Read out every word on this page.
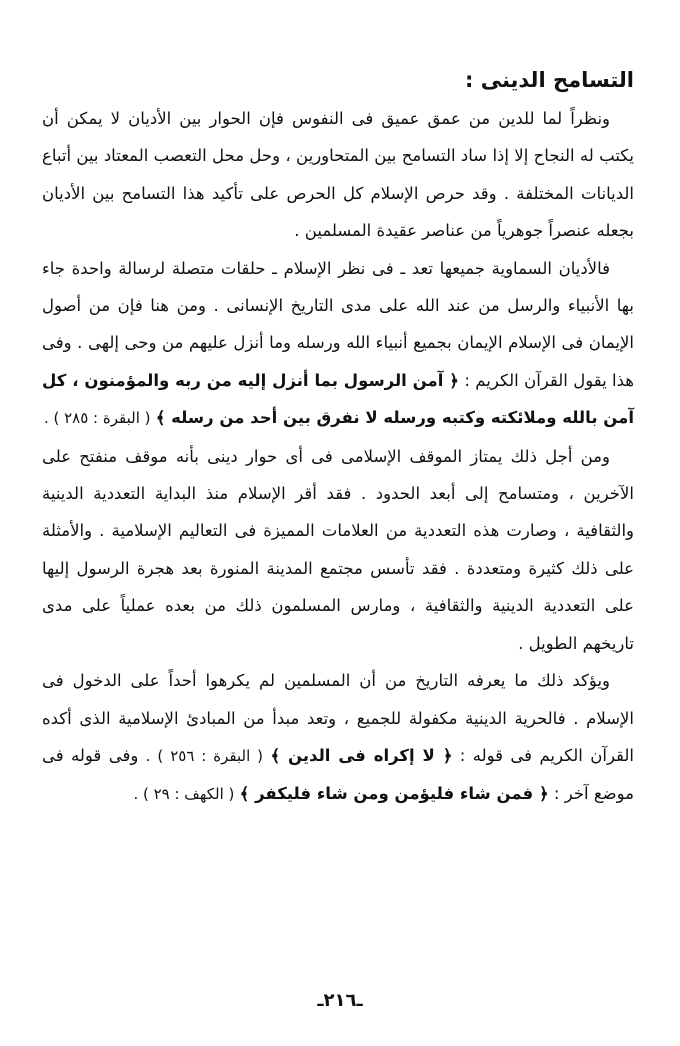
التسامح الدينى :

ونظراً لما للدين من عمق عميق فى النفوس فإن الحوار بين الأديان لا يمكن أن يكتب له النجاح إلا إذا ساد التسامح بين المتحاورين ، وحل محل التعصب المعتاد بين أتباع الديانات المختلفة . وقد حرص الإسلام كل الحرص على تأكيد هذا التسامح بين الأديان بجعله عنصراً جوهرياً من عناصر عقيدة المسلمين .

فالأديان السماوية جميعها تعد ـ فى نظر الإسلام ـ حلقات متصلة لرسالة واحدة جاء بها الأنبياء والرسل من عند الله على مدى التاريخ الإنسانى . ومن هنا فإن من أصول الإيمان فى الإسلام الإيمان بجميع أنبياء الله ورسله وما أنزل عليهم من وحى إلهى . وفى هذا يقول القرآن الكريم : ﴿ آمن الرسول بما أنزل إليه من ربه والمؤمنون ، كل آمن بالله وملائكته وكتبه ورسله لا نفرق بين أحد من رسله ﴾ ( البقرة : ٢٨٥ ) .

ومن أجل ذلك يمتاز الموقف الإسلامى فى أى حوار دينى بأنه موقف منفتح على الآخرين ، ومتسامح إلى أبعد الحدود . فقد أقر الإسلام منذ البداية التعددية الدينية والثقافية ، وصارت هذه التعددية من العلامات المميزة فى التعاليم الإسلامية . والأمثلة على ذلك كثيرة ومتعددة . فقد تأسس مجتمع المدينة المنورة بعد هجرة الرسول إليها على التعددية الدينية والثقافية ، ومارس المسلمون ذلك من بعده عملياً على مدى تاريخهم الطويل .

ويؤكد ذلك ما يعرفه التاريخ من أن المسلمين لم يكرهوا أحداً على الدخول فى الإسلام . فالحرية الدينية مكفولة للجميع ، وتعد مبدأ من المبادئ الإسلامية الذى أكده القرآن الكريم فى قوله : ﴿ لا إكراه فى الدين ﴾ ( البقرة : ٢٥٦ ) . وفى قوله فى موضع آخر : ﴿ فمن شاء فليؤمن ومن شاء فليكفر ﴾ ( الكهف : ٢٩ ) .

ـ٢١٦ـ
